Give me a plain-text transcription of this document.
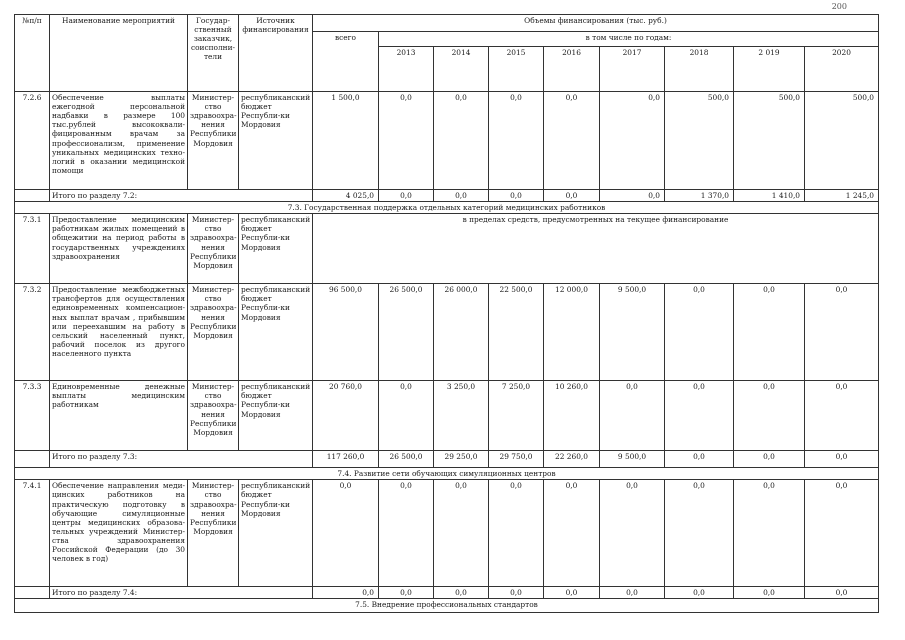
200
№п/п	Наименование мероприятий	Государ-ственный заказчик, соисполни-тели	Источник финансирования	Объемы финансирования (тыс. руб.)								
				всего	в том числе по годам:							
					2013	2014	2015	2016	2017	2018	2 019	2020
7.2.6	Обеспечение выплаты ежегодной персональной надбавки в размере 100 тыс.рублей высококвали-фицированным врачам за профессионализм, применение уникальных медицинских техно-логий в оказании медицинской помощи	Министер-ство здравоохра-нения Республики Мордовия	республиканский бюджет Республи-ки Мордовия	1 500,0	0,0	0,0	0,0	0,0	0,0	500,0	500,0	500,0
	Итого по разделу 7.2:			4 025,0	0,0	0,0	0,0	0,0	0,0	1 370,0	1 410,0	1 245,0
7.3. Государственная поддержка отдельных категорий медицинских работников												
7.3.1	Предоставление медицинским работникам жилых помещений в общежитии на период работы в государственных учреждениях здравоохранения	Министер-ство здравоохра-нения Республики Мордовия	республиканский бюджет Республи-ки Мордовия	в пределах средств, предусмотренных на текущее финансирование								
7.3.2	Предоставление межбюджетных трансфертов для осуществления единовременных компенсацион-ных выплат врачам , прибывшим или переехавшим на работу в сельский населенный пункт, рабочий поселок из другого населенного пункта	Министер-ство здравоохра-нения Республики Мордовия	республиканский бюджет Республи-ки Мордовия	96 500,0	26 500,0	26 000,0	22 500,0	12 000,0	9 500,0	0,0	0,0	0,0
7.3.3	Единовременные денежные выплаты медицинским работникам	Министер-ство здравоохра-нения Республики Мордовия	республиканский бюджет Республи-ки Мордовия	20 760,0	0,0	3 250,0	7 250,0	10 260,0	0,0	0,0	0,0	0,0
	Итого по разделу 7.3:			117 260,0	26 500,0	29 250,0	29 750,0	22 260,0	9 500,0	0,0	0,0	0,0
7.4. Развитие сети обучающих симуляционных центров												
7.4.1	Обеспечение направления меди-цинских работников на практическую подготовку в обучающие симуляционные центры медицинских образова-тельных учреждений Министер-ства здравоохранения Российской Федерации (до 30 человек в год)	Министер-ство здравоохра-нения Республики Мордовия	республиканский бюджет Республи-ки Мордовия	0,0	0,0	0,0	0,0	0,0	0,0	0,0	0,0	0,0
	Итого по разделу 7.4:			0,0	0,0	0,0	0,0	0,0	0,0	0,0	0,0	0,0
7.5. Внедрение профессиональных стандартов												
